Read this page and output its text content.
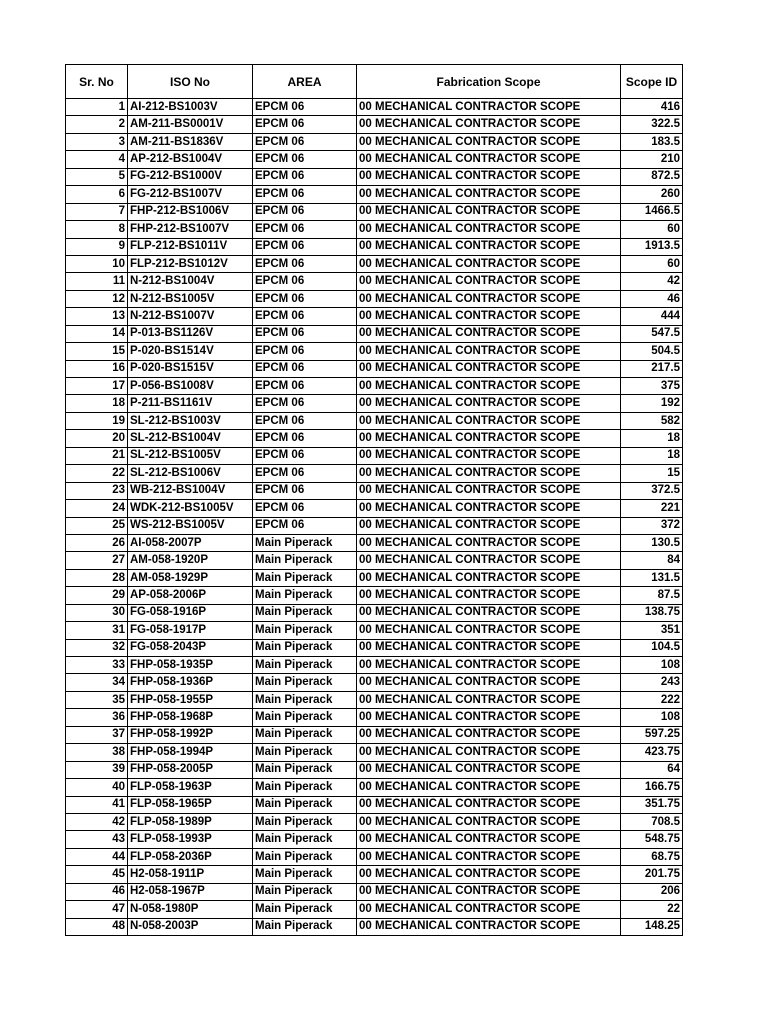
Sr. No	ISO No	AREA	Fabrication Scope	Scope ID
1	AI-212-BS1003V	EPCM 06	00 MECHANICAL CONTRACTOR SCOPE	416
2	AM-211-BS0001V	EPCM 06	00 MECHANICAL CONTRACTOR SCOPE	322.5
3	AM-211-BS1836V	EPCM 06	00 MECHANICAL CONTRACTOR SCOPE	183.5
4	AP-212-BS1004V	EPCM 06	00 MECHANICAL CONTRACTOR SCOPE	210
5	FG-212-BS1000V	EPCM 06	00 MECHANICAL CONTRACTOR SCOPE	872.5
6	FG-212-BS1007V	EPCM 06	00 MECHANICAL CONTRACTOR SCOPE	260
7	FHP-212-BS1006V	EPCM 06	00 MECHANICAL CONTRACTOR SCOPE	1466.5
8	FHP-212-BS1007V	EPCM 06	00 MECHANICAL CONTRACTOR SCOPE	60
9	FLP-212-BS1011V	EPCM 06	00 MECHANICAL CONTRACTOR SCOPE	1913.5
10	FLP-212-BS1012V	EPCM 06	00 MECHANICAL CONTRACTOR SCOPE	60
11	N-212-BS1004V	EPCM 06	00 MECHANICAL CONTRACTOR SCOPE	42
12	N-212-BS1005V	EPCM 06	00 MECHANICAL CONTRACTOR SCOPE	46
13	N-212-BS1007V	EPCM 06	00 MECHANICAL CONTRACTOR SCOPE	444
14	P-013-BS1126V	EPCM 06	00 MECHANICAL CONTRACTOR SCOPE	547.5
15	P-020-BS1514V	EPCM 06	00 MECHANICAL CONTRACTOR SCOPE	504.5
16	P-020-BS1515V	EPCM 06	00 MECHANICAL CONTRACTOR SCOPE	217.5
17	P-056-BS1008V	EPCM 06	00 MECHANICAL CONTRACTOR SCOPE	375
18	P-211-BS1161V	EPCM 06	00 MECHANICAL CONTRACTOR SCOPE	192
19	SL-212-BS1003V	EPCM 06	00 MECHANICAL CONTRACTOR SCOPE	582
20	SL-212-BS1004V	EPCM 06	00 MECHANICAL CONTRACTOR SCOPE	18
21	SL-212-BS1005V	EPCM 06	00 MECHANICAL CONTRACTOR SCOPE	18
22	SL-212-BS1006V	EPCM 06	00 MECHANICAL CONTRACTOR SCOPE	15
23	WB-212-BS1004V	EPCM 06	00 MECHANICAL CONTRACTOR SCOPE	372.5
24	WDK-212-BS1005V	EPCM 06	00 MECHANICAL CONTRACTOR SCOPE	221
25	WS-212-BS1005V	EPCM 06	00 MECHANICAL CONTRACTOR SCOPE	372
26	AI-058-2007P	Main Piperack	00 MECHANICAL CONTRACTOR SCOPE	130.5
27	AM-058-1920P	Main Piperack	00 MECHANICAL CONTRACTOR SCOPE	84
28	AM-058-1929P	Main Piperack	00 MECHANICAL CONTRACTOR SCOPE	131.5
29	AP-058-2006P	Main Piperack	00 MECHANICAL CONTRACTOR SCOPE	87.5
30	FG-058-1916P	Main Piperack	00 MECHANICAL CONTRACTOR SCOPE	138.75
31	FG-058-1917P	Main Piperack	00 MECHANICAL CONTRACTOR SCOPE	351
32	FG-058-2043P	Main Piperack	00 MECHANICAL CONTRACTOR SCOPE	104.5
33	FHP-058-1935P	Main Piperack	00 MECHANICAL CONTRACTOR SCOPE	108
34	FHP-058-1936P	Main Piperack	00 MECHANICAL CONTRACTOR SCOPE	243
35	FHP-058-1955P	Main Piperack	00 MECHANICAL CONTRACTOR SCOPE	222
36	FHP-058-1968P	Main Piperack	00 MECHANICAL CONTRACTOR SCOPE	108
37	FHP-058-1992P	Main Piperack	00 MECHANICAL CONTRACTOR SCOPE	597.25
38	FHP-058-1994P	Main Piperack	00 MECHANICAL CONTRACTOR SCOPE	423.75
39	FHP-058-2005P	Main Piperack	00 MECHANICAL CONTRACTOR SCOPE	64
40	FLP-058-1963P	Main Piperack	00 MECHANICAL CONTRACTOR SCOPE	166.75
41	FLP-058-1965P	Main Piperack	00 MECHANICAL CONTRACTOR SCOPE	351.75
42	FLP-058-1989P	Main Piperack	00 MECHANICAL CONTRACTOR SCOPE	708.5
43	FLP-058-1993P	Main Piperack	00 MECHANICAL CONTRACTOR SCOPE	548.75
44	FLP-058-2036P	Main Piperack	00 MECHANICAL CONTRACTOR SCOPE	68.75
45	H2-058-1911P	Main Piperack	00 MECHANICAL CONTRACTOR SCOPE	201.75
46	H2-058-1967P	Main Piperack	00 MECHANICAL CONTRACTOR SCOPE	206
47	N-058-1980P	Main Piperack	00 MECHANICAL CONTRACTOR SCOPE	22
48	N-058-2003P	Main Piperack	00 MECHANICAL CONTRACTOR SCOPE	148.25
